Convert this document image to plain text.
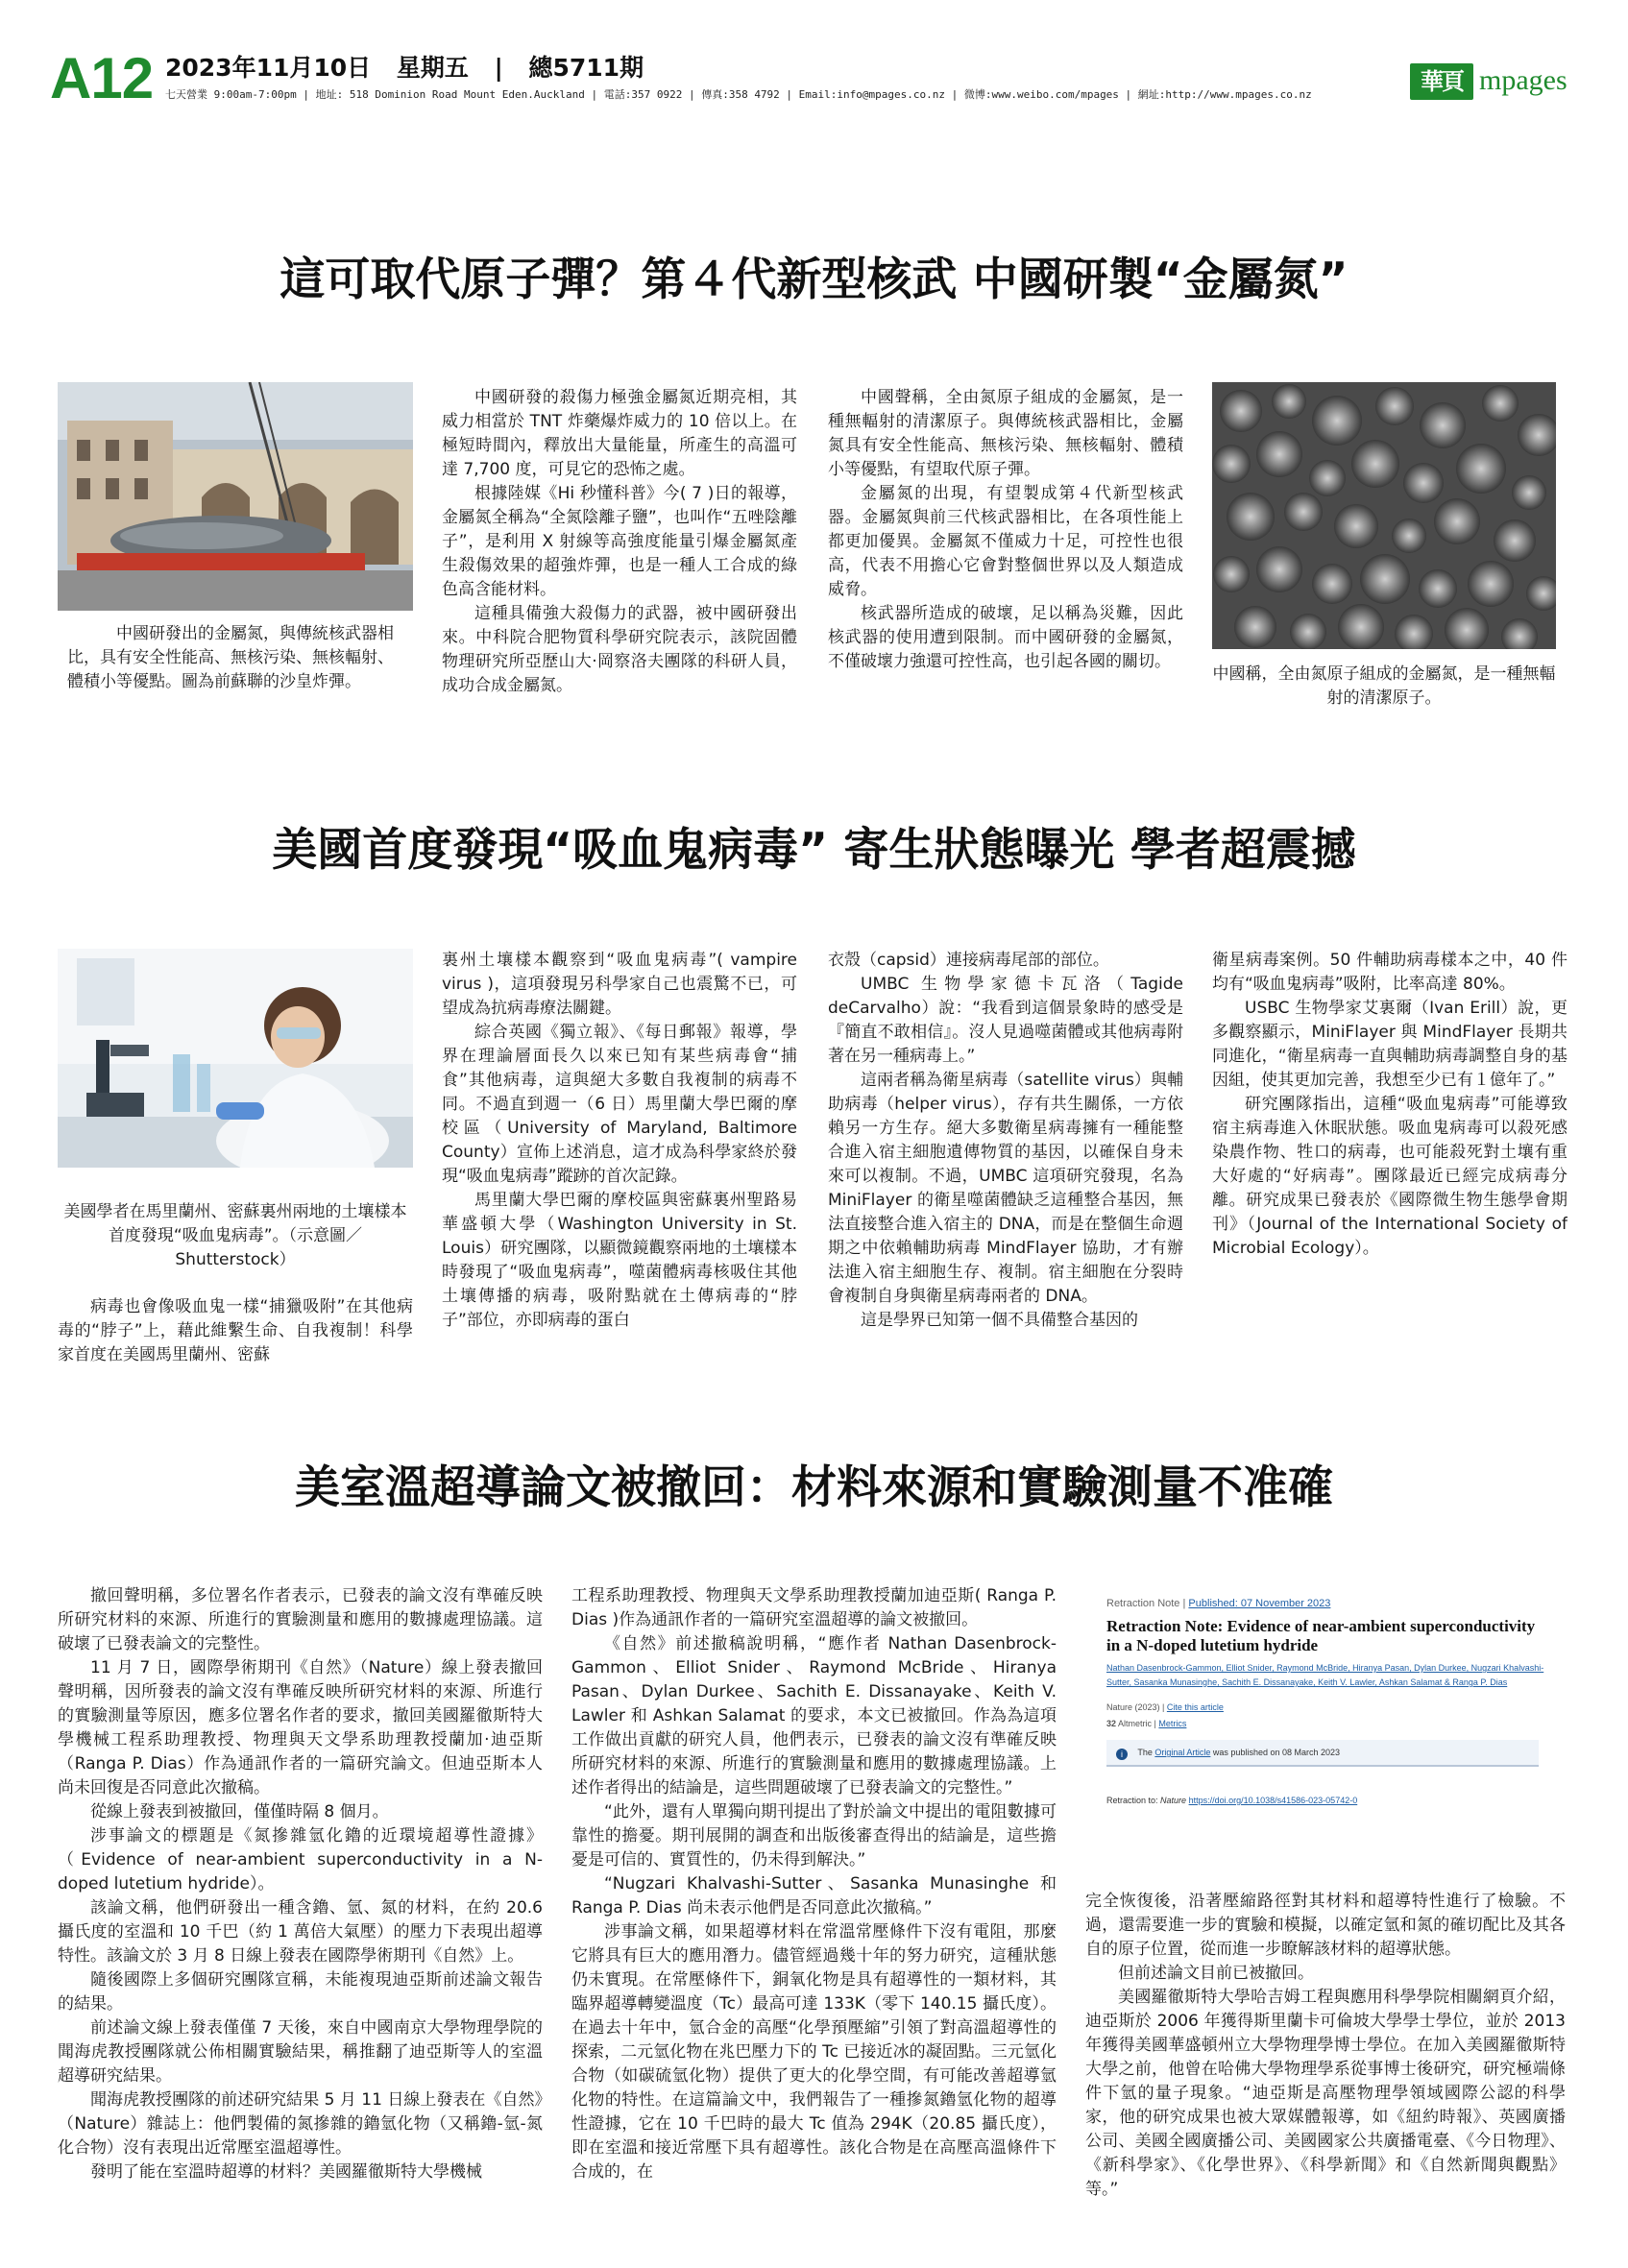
A12 2023年11月10日 星期五 | 總5711期
七天營業 9:00am-7:00pm | 地址: 518 Dominion Road Mount Eden.Auckland | 電話:357 0922 | 傳真:358 4792 | Email:info@mpages.co.nz | 微博:www.weibo.com/mpages | 網址:http://www.mpages.co.nz	華頁 mpages
這可取代原子彈？第４代新型核武 中國研製“金屬氮”

中國研發出的金屬氮，與傳統核武器相比，具有安全性能高、無核污染、無核輻射、體積小等優點。圖為前蘇聯的沙皇炸彈。

中國研發的殺傷力極強金屬氮近期亮相，其威力相當於 TNT 炸藥爆炸威力的 10 倍以上。在極短時間內，釋放出大量能量，所產生的高溫可達 7,700 度，可見它的恐怖之處。

根據陸媒《Hi 秒懂科普》今( 7 )日的報導，金屬氮全稱為“全氮陰離子鹽”，也叫作“五唑陰離子”，是利用 X 射線等高強度能量引爆金屬氮產生殺傷效果的超強炸彈，也是一種人工合成的綠色高含能材料。

這種具備強大殺傷力的武器，被中國研發出來。中科院合肥物質科學研究院表示，該院固體物理研究所亞歷山大·岡察洛夫團隊的科研人員，成功合成金屬氮。

中國聲稱，全由氮原子組成的金屬氮，是一種無輻射的清潔原子。與傳統核武器相比，金屬氮具有安全性能高、無核污染、無核輻射、體積小等優點，有望取代原子彈。

金屬氮的出現，有望製成第４代新型核武器。金屬氮與前三代核武器相比，在各項性能上都更加優異。金屬氮不僅威力十足，可控性也很高，代表不用擔心它會對整個世界以及人類造成威脅。

核武器所造成的破壞，足以稱為災難，因此核武器的使用遭到限制。而中國研發的金屬氮，不僅破壞力強還可控性高，也引起各國的關切。

中國稱，全由氮原子組成的金屬氮，是一種無輻射的清潔原子。

美國首度發現“吸血鬼病毒” 寄生狀態曝光 學者超震撼

美國學者在馬里蘭州、密蘇裏州兩地的土壤樣本首度發現“吸血鬼病毒”。（示意圖／Shutterstock）

病毒也會像吸血鬼一樣“捕獵吸附”在其他病毒的“脖子”上，藉此維繫生命、自我複制！科學家首度在美國馬里蘭州、密蘇

裏州土壤樣本觀察到“吸血鬼病毒”( vampire virus )，這項發現另科學家自己也震驚不已，可望成為抗病毒療法關鍵。

綜合英國《獨立報》、《每日郵報》報導，學界在理論層面長久以來已知有某些病毒會“捕食”其他病毒，這與絕大多數自我複制的病毒不同。不過直到週一（6 日）馬里蘭大學巴爾的摩校區（University of Maryland, Baltimore County）宣佈上述消息，這才成為科學家終於發現“吸血鬼病毒”蹤跡的首次記錄。

馬里蘭大學巴爾的摩校區與密蘇裏州聖路易華盛頓大學（Washington University in St. Louis）研究團隊，以顯微鏡觀察兩地的土壤樣本時發現了“吸血鬼病毒”，噬菌體病毒核吸住其他土壤傳播的病毒，吸附點就在土傳病毒的“脖子”部位，亦即病毒的蛋白

衣殼（capsid）連接病毒尾部的部位。

UMBC 生物學家德卡瓦洛（Tagide deCarvalho）說：“我看到這個景象時的感受是『簡直不敢相信』。沒人見過噬菌體或其他病毒附著在另一種病毒上。”

這兩者稱為衛星病毒（satellite virus）與輔助病毒（helper virus），存有共生關係，一方依賴另一方生存。絕大多數衛星病毒擁有一種能整合進入宿主細胞遺傳物質的基因，以確保自身未來可以複制。不過，UMBC 這項研究發現，名為 MiniFlayer 的衛星噬菌體缺乏這種整合基因，無法直接整合進入宿主的 DNA，而是在整個生命週期之中依賴輔助病毒 MindFlayer 協助，才有辦法進入宿主細胞生存、複制。宿主細胞在分裂時會複制自身與衛星病毒兩者的 DNA。

這是學界已知第一個不具備整合基因的

衛星病毒案例。50 件輔助病毒樣本之中，40 件均有“吸血鬼病毒”吸附，比率高達 80%。

USBC 生物學家艾裏爾（Ivan Erill）說，更多觀察顯示，MiniFlayer 與 MindFlayer 長期共同進化，“衛星病毒一直與輔助病毒調整自身的基因組，使其更加完善，我想至少已有１億年了。”

研究團隊指出，這種“吸血鬼病毒”可能導致宿主病毒進入休眠狀態。吸血鬼病毒可以殺死感染農作物、牲口的病毒，也可能殺死對土壤有重大好處的“好病毒”。團隊最近已經完成病毒分離。研究成果已發表於《國際微生物生態學會期刊》（Journal of the International Society of Microbial Ecology）。

美室溫超導論文被撤回：材料來源和實驗測量不准確

撤回聲明稱，多位署名作者表示，已發表的論文沒有準確反映所研究材料的來源、所進行的實驗測量和應用的數據處理協議。這破壞了已發表論文的完整性。

11 月 7 日，國際學術期刊《自然》（Nature）線上發表撤回聲明稱，因所發表的論文沒有準確反映所研究材料的來源、所進行的實驗測量等原因，應多位署名作者的要求，撤回美國羅徹斯特大學機械工程系助理教授、物理與天文學系助理教授蘭加·迪亞斯（Ranga P. Dias）作為通訊作者的一篇研究論文。但迪亞斯本人尚未回復是否同意此次撤稿。

從線上發表到被撤回，僅僅時隔 8 個月。

涉事論文的標題是《氮摻雜氫化鑥的近環境超導性證據》（Evidence of near-ambient superconductivity in a N-doped lutetium hydride）。

該論文稱，他們研發出一種含鑥、氫、氮的材料，在約 20.6 攝氏度的室溫和 10 千巴（約 1 萬倍大氣壓）的壓力下表現出超導特性。該論文於 3 月 8 日線上發表在國際學術期刊《自然》上。

隨後國際上多個研究團隊宣稱，未能複現迪亞斯前述論文報告的結果。

前述論文線上發表僅僅 7 天後，來自中國南京大學物理學院的聞海虎教授團隊就公佈相關實驗結果，稱推翻了迪亞斯等人的室溫超導研究結果。

聞海虎教授團隊的前述研究結果 5 月 11 日線上發表在《自然》（Nature）雜誌上：他們製備的氮摻雜的鑥氫化物（又稱鑥-氫-氮化合物）沒有表現出近常壓室溫超導性。

發明了能在室溫時超導的材料？美國羅徹斯特大學機械

工程系助理教授、物理與天文學系助理教授蘭加迪亞斯( Ranga P. Dias )作為通訊作者的一篇研究室溫超導的論文被撤回。

《自然》前述撤稿說明稱，“應作者 Nathan Dasenbrock-Gammon、Elliot Snider、Raymond McBride、Hiranya Pasan、Dylan Durkee、Sachith E. Dissanayake、Keith V. Lawler 和 Ashkan Salamat 的要求，本文已被撤回。作為為這項工作做出貢獻的研究人員，他們表示，已發表的論文沒有準確反映所研究材料的來源、所進行的實驗測量和應用的數據處理協議。上述作者得出的結論是，這些問題破壞了已發表論文的完整性。”

“此外，還有人單獨向期刊提出了對於論文中提出的電阻數據可靠性的擔憂。期刊展開的調查和出版後審查得出的結論是，這些擔憂是可信的、實質性的，仍未得到解決。”

“Nugzari Khalvashi-Sutter、Sasanka Munasinghe 和 Ranga P. Dias 尚未表示他們是否同意此次撤稿。”

涉事論文稱，如果超導材料在常溫常壓條件下沒有電阻，那麼它將具有巨大的應用潛力。儘管經過幾十年的努力研究，這種狀態仍未實現。在常壓條件下，銅氧化物是具有超導性的一類材料，其臨界超導轉變溫度（Tc）最高可達 133K（零下 140.15 攝氏度）。在過去十年中，氫合金的高壓“化學預壓縮”引領了對高溫超導性的探索，二元氫化物在兆巴壓力下的 Tc 已接近冰的凝固點。三元氫化合物（如碳硫氫化物）提供了更大的化學空間，有可能改善超導氫化物的特性。在這篇論文中，我們報告了一種摻氮鑥氫化物的超導性證據，它在 10 千巴時的最大 Tc 值為 294K（20.85 攝氏度），即在室溫和接近常壓下具有超導性。該化合物是在高壓高溫條件下合成的，在

Retraction Note | Published: 07 November 2023
Retraction Note: Evidence of near-ambient superconductivity in a N-doped lutetium hydride
Nathan Dasenbrock-Gammon, Elliot Snider, Raymond McBride, Hiranya Pasan, Dylan Durkee, Nugzari Khalvashi-Sutter, Sasanka Munasinghe, Sachith E. Dissanayake, Keith V. Lawler, Ashkan Salamat & Ranga P. Dias
Nature (2023) | Cite this article
32 Altmetric | Metrics
i The Original Article was published on 08 March 2023
Retraction to: Nature https://doi.org/10.1038/s41586-023-05742-0

完全恢復後，沿著壓縮路徑對其材料和超導特性進行了檢驗。不過，還需要進一步的實驗和模擬，以確定氫和氮的確切配比及其各自的原子位置，從而進一步瞭解該材料的超導狀態。

但前述論文目前已被撤回。

美國羅徹斯特大學哈吉姆工程與應用科學學院相關網頁介紹，迪亞斯於 2006 年獲得斯里蘭卡可倫坡大學學士學位，並於 2013 年獲得美國華盛頓州立大學物理學博士學位。在加入美國羅徹斯特大學之前，他曾在哈佛大學物理學系從事博士後研究，研究極端條件下氫的量子現象。“迪亞斯是高壓物理學領域國際公認的科學家，他的研究成果也被大眾媒體報導，如《紐約時報》、英國廣播公司、美國全國廣播公司、美國國家公共廣播電臺、《今日物理》、《新科學家》、《化學世界》、《科學新聞》和《自然新聞與觀點》等。”
